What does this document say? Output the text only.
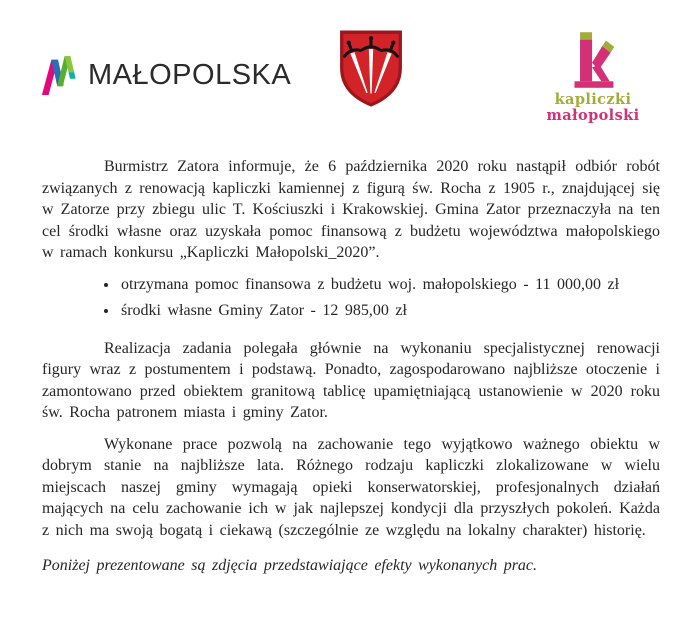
MAŁOPOLSKA
kapliczki
małopolski

Burmistrz Zatora informuje, że 6 października 2020 roku nastąpił odbiór robót związanych z renowacją kapliczki kamiennej z figurą św. Rocha z 1905 r., znajdującej się w Zatorze przy zbiegu ulic T. Kościuszki i Krakowskiej. Gmina Zator przeznaczyła na ten cel środki własne oraz uzyskała pomoc finansową z budżetu województwa małopolskiego w ramach konkursu „Kapliczki Małopolski_2020”.

• otrzymana pomoc finansowa z budżetu woj. małopolskiego - 11 000,00 zł
• środki własne Gminy Zator - 12 985,00 zł

Realizacja zadania polegała głównie na wykonaniu specjalistycznej renowacji figury wraz z postumentem i podstawą. Ponadto, zagospodarowano najbliższe otoczenie i zamontowano przed obiektem granitową tablicę upamiętniającą ustanowienie w 2020 roku św. Rocha patronem miasta i gminy Zator.

Wykonane prace pozwolą na zachowanie tego wyjątkowo ważnego obiektu w dobrym stanie na najbliższe lata. Różnego rodzaju kapliczki zlokalizowane w wielu miejscach naszej gminy wymagają opieki konserwatorskiej, profesjonalnych działań mających na celu zachowanie ich w jak najlepszej kondycji dla przyszłych pokoleń. Każda z nich ma swoją bogatą i ciekawą (szczególnie ze względu na lokalny charakter) historię.

Poniżej prezentowane są zdjęcia przedstawiające efekty wykonanych prac.
